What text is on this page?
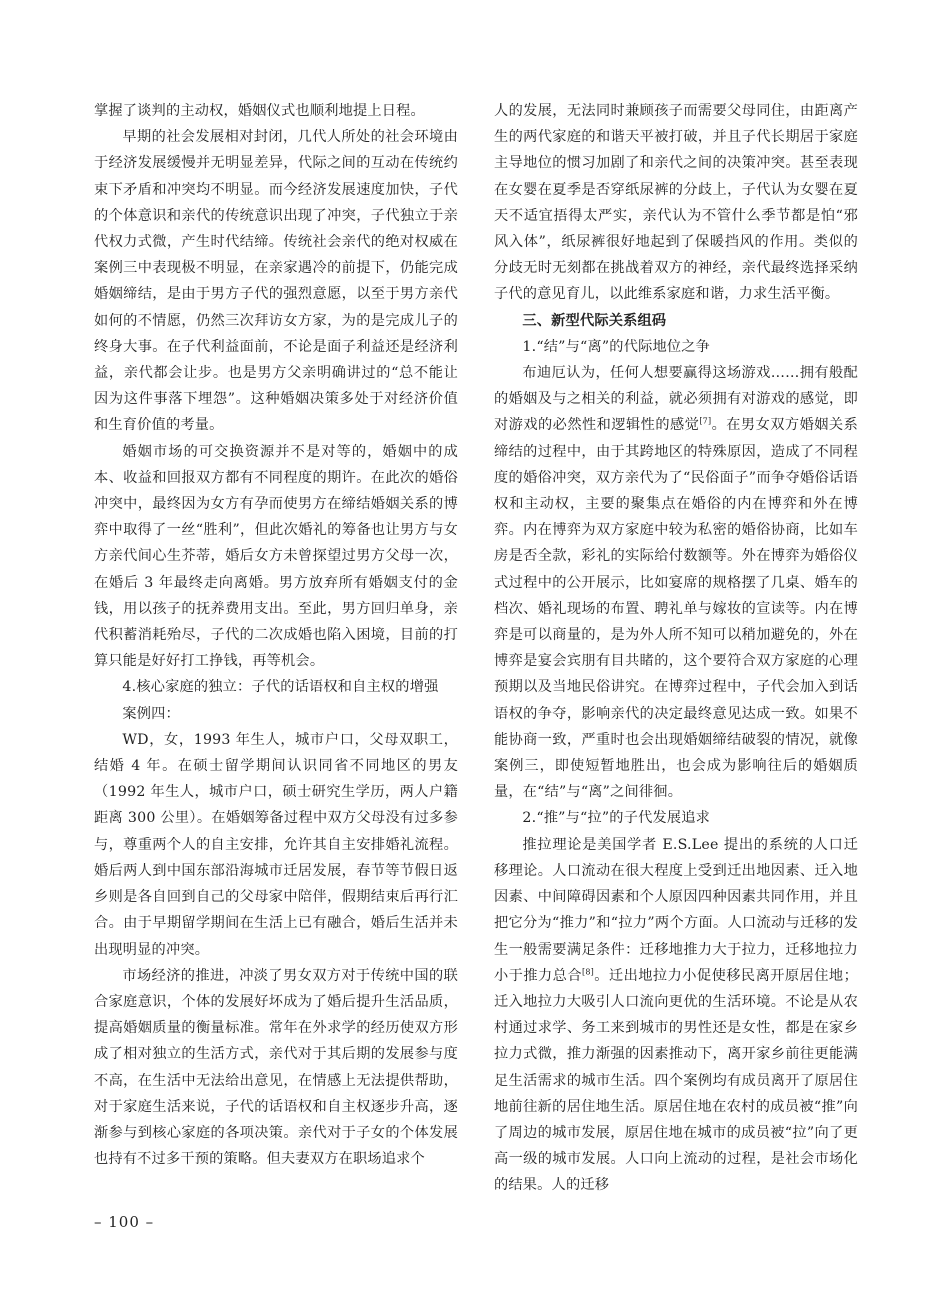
掌握了谈判的主动权，婚姻仪式也顺利地提上日程。

早期的社会发展相对封闭，几代人所处的社会环境由于经济发展缓慢并无明显差异，代际之间的互动在传统约束下矛盾和冲突均不明显。而今经济发展速度加快，子代的个体意识和亲代的传统意识出现了冲突，子代独立于亲代权力式微，产生时代结缔。传统社会亲代的绝对权威在案例三中表现极不明显，在亲家遇冷的前提下，仍能完成婚姻缔结，是由于男方子代的强烈意愿，以至于男方亲代如何的不情愿，仍然三次拜访女方家，为的是完成儿子的终身大事。在子代利益面前，不论是面子利益还是经济利益，亲代都会让步。也是男方父亲明确讲过的“总不能让因为这件事落下埋怨”。这种婚姻决策多处于对经济价值和生育价值的考量。

婚姻市场的可交换资源并不是对等的，婚姻中的成本、收益和回报双方都有不同程度的期许。在此次的婚俗冲突中，最终因为女方有孕而使男方在缔结婚姻关系的博弈中取得了一丝“胜利”，但此次婚礼的筹备也让男方与女方亲代间心生芥蒂，婚后女方未曾探望过男方父母一次，在婚后 3 年最终走向离婚。男方放弃所有婚姻支付的金钱，用以孩子的抚养费用支出。至此，男方回归单身，亲代积蓄消耗殆尽，子代的二次成婚也陷入困境，目前的打算只能是好好打工挣钱，再等机会。

4.核心家庭的独立：子代的话语权和自主权的增强

案例四：

WD，女，1993 年生人，城市户口，父母双职工，结婚 4 年。在硕士留学期间认识同省不同地区的男友（1992 年生人，城市户口，硕士研究生学历，两人户籍距离 300 公里）。在婚姻筹备过程中双方父母没有过多参与，尊重两个人的自主安排，允许其自主安排婚礼流程。婚后两人到中国东部沿海城市迁居发展，春节等节假日返乡则是各自回到自己的父母家中陪伴，假期结束后再行汇合。由于早期留学期间在生活上已有融合，婚后生活并未出现明显的冲突。

市场经济的推进，冲淡了男女双方对于传统中国的联合家庭意识，个体的发展好坏成为了婚后提升生活品质，提高婚姻质量的衡量标准。常年在外求学的经历使双方形成了相对独立的生活方式，亲代对于其后期的发展参与度不高，在生活中无法给出意见，在情感上无法提供帮助，对于家庭生活来说，子代的话语权和自主权逐步升高，逐渐参与到核心家庭的各项决策。亲代对于子女的个体发展也持有不过多干预的策略。但夫妻双方在职场追求个

人的发展，无法同时兼顾孩子而需要父母同住，由距离产生的两代家庭的和谐天平被打破，并且子代长期居于家庭主导地位的惯习加剧了和亲代之间的决策冲突。甚至表现在女婴在夏季是否穿纸尿裤的分歧上，子代认为女婴在夏天不适宜捂得太严实，亲代认为不管什么季节都是怕“邪风入体”，纸尿裤很好地起到了保暖挡风的作用。类似的分歧无时无刻都在挑战着双方的神经，亲代最终选择采纳子代的意见育儿，以此维系家庭和谐，力求生活平衡。

三、新型代际关系组码

1.“结”与“离”的代际地位之争

布迪厄认为，任何人想要赢得这场游戏……拥有般配的婚姻及与之相关的利益，就必须拥有对游戏的感觉，即对游戏的必然性和逻辑性的感觉[7]。在男女双方婚姻关系缔结的过程中，由于其跨地区的特殊原因，造成了不同程度的婚俗冲突，双方亲代为了“民俗面子”而争夺婚俗话语权和主动权，主要的聚集点在婚俗的内在博弈和外在博弈。内在博弈为双方家庭中较为私密的婚俗协商，比如车房是否全款，彩礼的实际给付数额等。外在博弈为婚俗仪式过程中的公开展示，比如宴席的规格摆了几桌、婚车的档次、婚礼现场的布置、聘礼单与嫁妆的宣读等。内在博弈是可以商量的，是为外人所不知可以稍加避免的，外在博弈是宴会宾朋有目共睹的，这个要符合双方家庭的心理预期以及当地民俗讲究。在博弈过程中，子代会加入到话语权的争夺，影响亲代的决定最终意见达成一致。如果不能协商一致，严重时也会出现婚姻缔结破裂的情况，就像案例三，即使短暂地胜出，也会成为影响往后的婚姻质量，在“结”与“离”之间徘徊。

2.“推”与“拉”的子代发展追求

推拉理论是美国学者 E.S.Lee 提出的系统的人口迁移理论。人口流动在很大程度上受到迁出地因素、迁入地因素、中间障碍因素和个人原因四种因素共同作用，并且把它分为“推力”和“拉力”两个方面。人口流动与迁移的发生一般需要满足条件：迁移地推力大于拉力，迁移地拉力小于推力总合[8]。迁出地拉力小促使移民离开原居住地；迁入地拉力大吸引人口流向更优的生活环境。不论是从农村通过求学、务工来到城市的男性还是女性，都是在家乡拉力式微，推力渐强的因素推动下，离开家乡前往更能满足生活需求的城市生活。四个案例均有成员离开了原居住地前往新的居住地生活。原居住地在农村的成员被“推”向了周边的城市发展，原居住地在城市的成员被“拉”向了更高一级的城市发展。人口向上流动的过程，是社会市场化的结果。人的迁移

– 100 –
